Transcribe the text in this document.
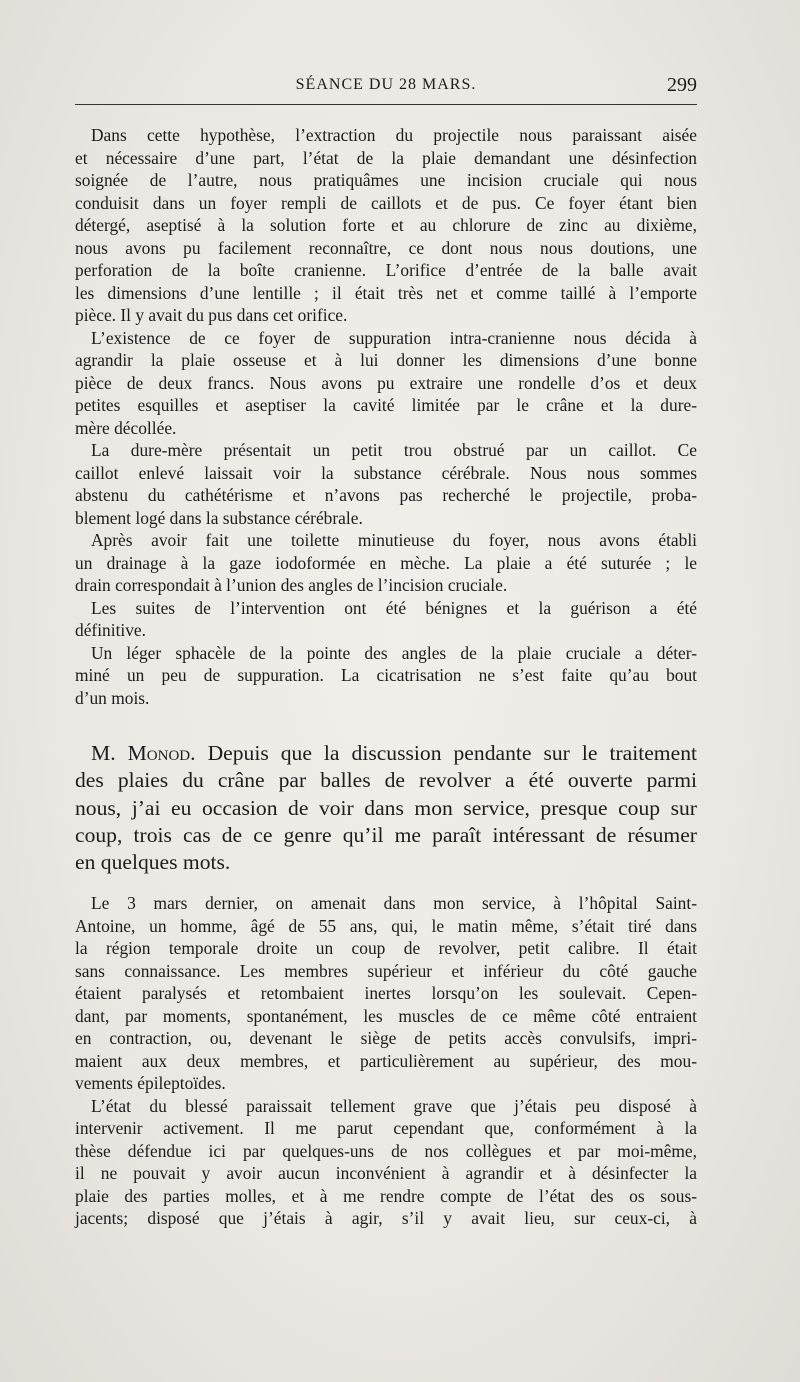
SÉANCE DU 28 MARS.	299

Dans cette hypothèse, l’extraction du projectile nous paraissant aisée
et nécessaire d’une part, l’état de la plaie demandant une désinfection
soignée de l’autre, nous pratiquâmes une incision cruciale qui nous
conduisit dans un foyer rempli de caillots et de pus. Ce foyer étant bien
détergé, aseptisé à la solution forte et au chlorure de zinc au dixième,
nous avons pu facilement reconnaître, ce dont nous nous doutions, une
perforation de la boîte cranienne. L’orifice d’entrée de la balle avait
les dimensions d’une lentille ; il était très net et comme taillé à l’emporte
pièce. Il y avait du pus dans cet orifice.

L’existence de ce foyer de suppuration intra-cranienne nous décida à
agrandir la plaie osseuse et à lui donner les dimensions d’une bonne
pièce de deux francs. Nous avons pu extraire une rondelle d’os et deux
petites esquilles et aseptiser la cavité limitée par le crâne et la dure-
mère décollée.

La dure-mère présentait un petit trou obstrué par un caillot. Ce
caillot enlevé laissait voir la substance cérébrale. Nous nous sommes
abstenu du cathétérisme et n’avons pas recherché le projectile, proba-
blement logé dans la substance cérébrale.

Après avoir fait une toilette minutieuse du foyer, nous avons établi
un drainage à la gaze iodoformée en mèche. La plaie a été suturée ; le
drain correspondait à l’union des angles de l’incision cruciale.

Les suites de l’intervention ont été bénignes et la guérison a été
définitive.

Un léger sphacèle de la pointe des angles de la plaie cruciale a déter-
miné un peu de suppuration. La cicatrisation ne s’est faite qu’au bout
d’un mois.

M. Monod. Depuis que la discussion pendante sur le traitement
des plaies du crâne par balles de revolver a été ouverte parmi
nous, j’ai eu occasion de voir dans mon service, presque coup sur
coup, trois cas de ce genre qu’il me paraît intéressant de résumer
en quelques mots.

Le 3 mars dernier, on amenait dans mon service, à l’hôpital Saint-
Antoine, un homme, âgé de 55 ans, qui, le matin même, s’était tiré dans
la région temporale droite un coup de revolver, petit calibre. Il était
sans connaissance. Les membres supérieur et inférieur du côté gauche
étaient paralysés et retombaient inertes lorsqu’on les soulevait. Cepen-
dant, par moments, spontanément, les muscles de ce même côté entraient
en contraction, ou, devenant le siège de petits accès convulsifs, impri-
maient aux deux membres, et particulièrement au supérieur, des mou-
vements épileptoïdes.

L’état du blessé paraissait tellement grave que j’étais peu disposé à
intervenir activement. Il me parut cependant que, conformément à la
thèse défendue ici par quelques-uns de nos collègues et par moi-même,
il ne pouvait y avoir aucun inconvénient à agrandir et à désinfecter la
plaie des parties molles, et à me rendre compte de l’état des os sous-
jacents; disposé que j’étais à agir, s’il y avait lieu, sur ceux-ci, à
